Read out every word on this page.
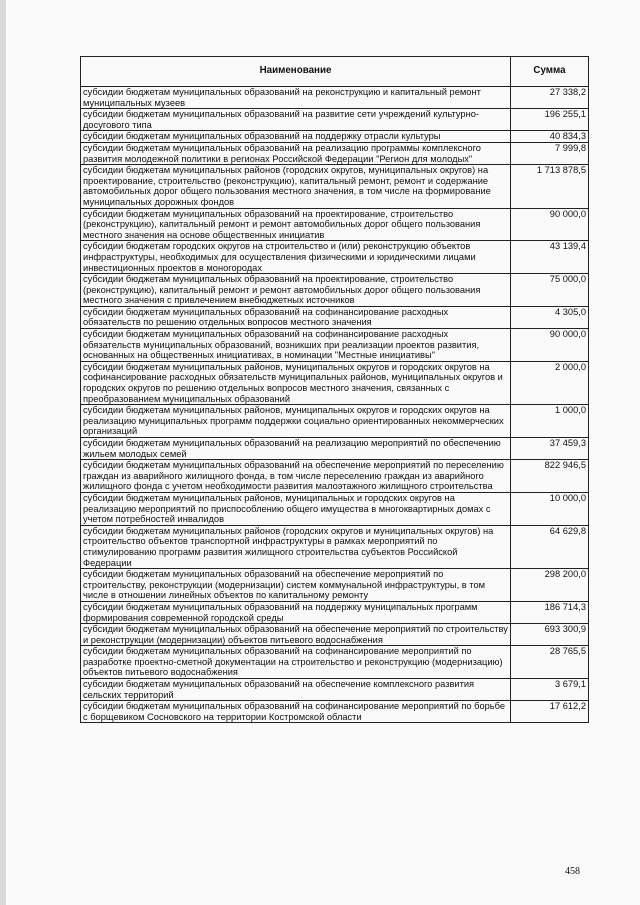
Наименование	Сумма
субсидии бюджетам муниципальных образований на реконструкцию и капитальный ремонт муниципальных музеев	27 338,2
субсидии бюджетам муниципальных образований на развитие сети учреждений культурно-досугового типа	196 255,1
субсидии бюджетам муниципальных образований на поддержку отрасли культуры	40 834,3
субсидии бюджетам муниципальных образований на реализацию программы комплексного развития молодежной политики в регионах Российской Федерации "Регион для молодых"	7 999,8
субсидии бюджетам муниципальных районов (городских округов, муниципальных округов) на проектирование, строительство (реконструкцию), капитальный ремонт, ремонт и содержание автомобильных дорог общего пользования местного значения, в том числе на формирование муниципальных дорожных фондов	1 713 878,5
субсидии бюджетам муниципальных образований на проектирование, строительство (реконструкцию), капитальный ремонт и ремонт автомобильных дорог общего пользования местного значения на основе общественных инициатив	90 000,0
субсидии бюджетам городских округов на строительство и (или) реконструкцию объектов инфраструктуры, необходимых для осуществления физическими и юридическими лицами инвестиционных проектов в моногородах	43 139,4
субсидии бюджетам муниципальных образований на проектирование, строительство (реконструкцию), капитальный ремонт и ремонт автомобильных дорог общего пользования местного значения с привлечением внебюджетных источников	75 000,0
субсидии бюджетам муниципальных образований на софинансирование расходных обязательств по решению отдельных вопросов местного значения	4 305,0
субсидии бюджетам муниципальных образований на софинансирование расходных обязательств муниципальных образований, возникших при реализации проектов развития, основанных на общественных инициативах, в номинации "Местные инициативы"	90 000,0
субсидии бюджетам муниципальных районов, муниципальных округов и городских округов на софинансирование расходных обязательств муниципальных районов, муниципальных округов и городских округов по решению отдельных вопросов местного значения, связанных с преобразованием муниципальных образований	2 000,0
субсидии бюджетам муниципальных районов, муниципальных округов и городских округов на реализацию муниципальных программ поддержки социально ориентированных некоммерческих организаций	1 000,0
субсидии бюджетам муниципальных образований на реализацию мероприятий по обеспечению жильем молодых семей	37 459,3
субсидии бюджетам муниципальных образований на обеспечение мероприятий по переселению граждан из аварийного жилищного фонда, в том числе переселению граждан из аварийного жилищного фонда с учетом необходимости развития малоэтажного жилищного строительства	822 946,5
субсидии бюджетам муниципальных районов, муниципальных и городских округов на реализацию мероприятий по приспособлению общего имущества в многоквартирных домах с учетом потребностей инвалидов	10 000,0
субсидии бюджетам муниципальных районов (городских округов и муниципальных округов) на строительство объектов транспортной инфраструктуры в рамках мероприятий по стимулированию программ развития жилищного строительства субъектов Российской Федерации	64 629,8
субсидии бюджетам муниципальных образований на обеспечение мероприятий по строительству, реконструкции (модернизации) систем коммунальной инфраструктуры, в том числе в отношении линейных объектов по капитальному ремонту	298 200,0
субсидии бюджетам муниципальных образований на поддержку муниципальных программ формирования современной городской среды	186 714,3
субсидии бюджетам муниципальных образований на обеспечение мероприятий по строительству и реконструкции (модернизации) объектов питьевого водоснабжения	693 300,9
субсидии бюджетам муниципальных образований на софинансирование мероприятий по разработке проектно-сметной документации на строительство и реконструкцию (модернизацию) объектов питьевого водоснабжения	28 765,5
субсидии бюджетам муниципальных образований на обеспечение комплексного развития сельских территорий	3 679,1
субсидии бюджетам муниципальных образований на софинансирование мероприятий по борьбе с борщевиком Сосновского на территории Костромской области	17 612,2
458
